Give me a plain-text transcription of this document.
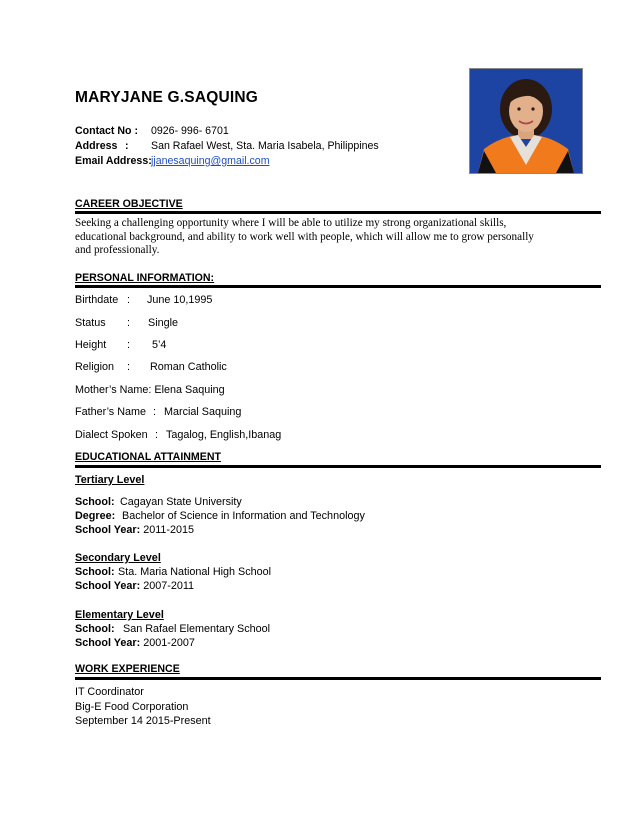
MARYJANE G.SAQUING
Contact No :	0926- 996- 6701
Address :	San Rafael West, Sta. Maria Isabela, Philippines
Email Address: jjanesaquing@gmail.com
CAREER OBJECTIVE
Seeking a challenging opportunity where I will be able to utilize my strong organizational skills,
educational background, and ability to work well with people, which will allow me to grow personally
and professionally.
PERSONAL INFORMATION:
Birthdate : June 10,1995
Status : Single
Height : 5’4
Religion : Roman Catholic
Mother’s Name: Elena Saquing
Father’s Name : Marcial Saquing
Dialect Spoken : Tagalog, English,Ibanag
EDUCATIONAL ATTAINMENT
Tertiary Level
School: Cagayan State University
Degree: Bachelor of Science in Information and Technology
School Year: 2011-2015
Secondary Level
School: Sta. Maria National High School
School Year: 2007-2011
Elementary Level
School: San Rafael Elementary School
School Year: 2001-2007
WORK EXPERIENCE
IT Coordinator
Big-E Food Corporation
September 14 2015-Present
